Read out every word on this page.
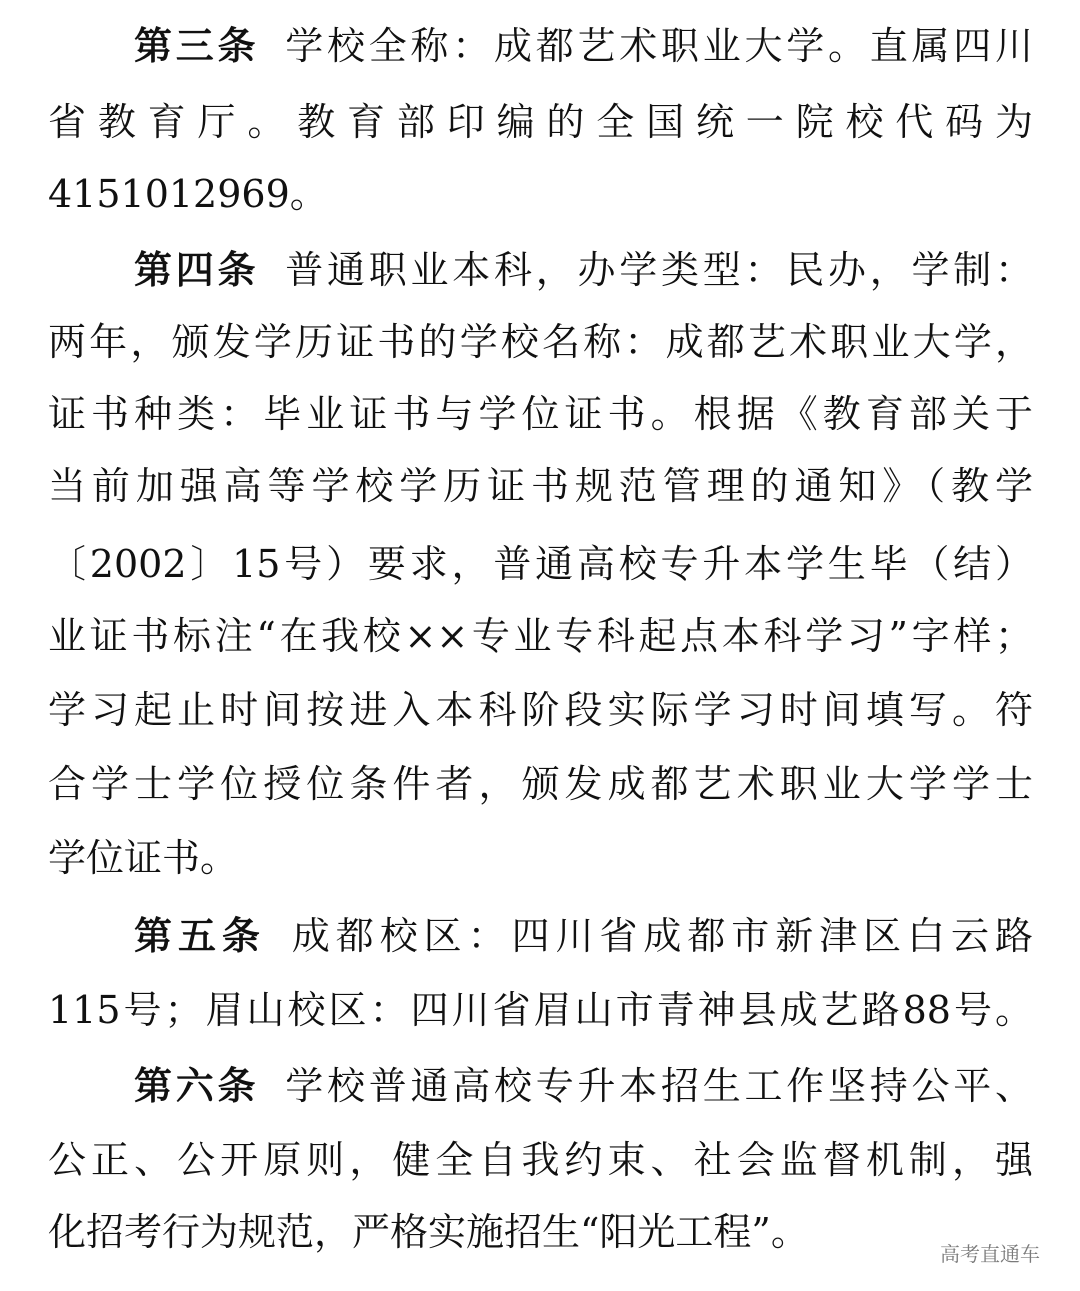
第三条 学校全称：成都艺术职业大学。直属四川
省教育厅。教育部印编的全国统一院校代码为
4151012969。
第四条 普通职业本科，办学类型：民办，学制：
两年，颁发学历证书的学校名称：成都艺术职业大学，
证书种类：毕业证书与学位证书。根据《教育部关于
当前加强高等学校学历证书规范管理的通知》（教学
〔2002〕15号）要求，普通高校专升本学生毕（结）
业证书标注“在我校××专业专科起点本科学习”字样；
学习起止时间按进入本科阶段实际学习时间填写。符
合学士学位授位条件者，颁发成都艺术职业大学学士
学位证书。
第五条 成都校区：四川省成都市新津区白云路
115号；眉山校区：四川省眉山市青神县成艺路88号。
第六条 学校普通高校专升本招生工作坚持公平、
公正、公开原则，健全自我约束、社会监督机制，强
化招考行为规范，严格实施招生“阳光工程”。	高考直通车
